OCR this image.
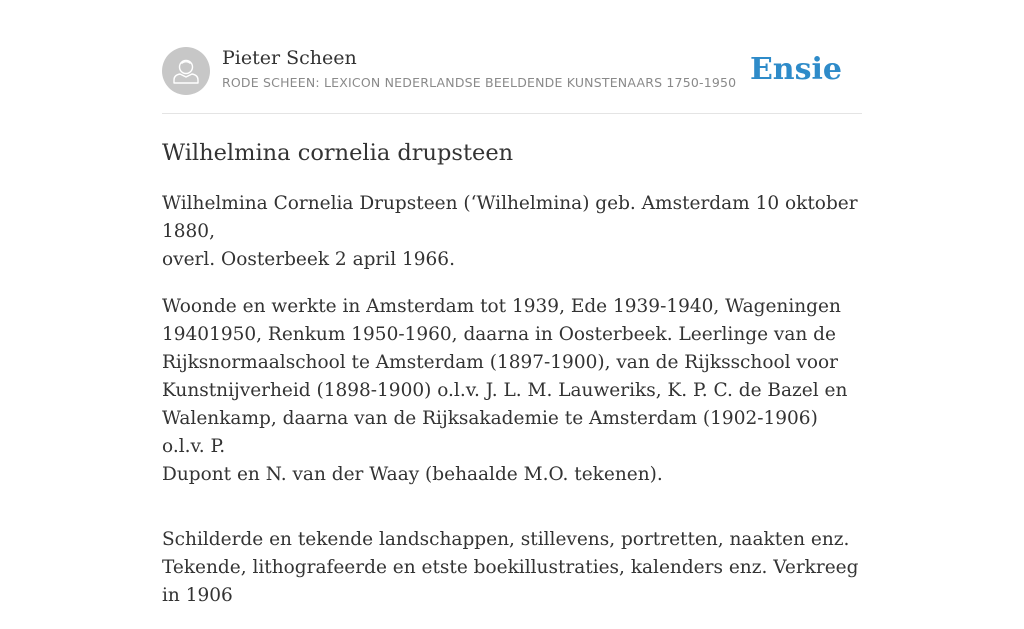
Pieter Scheen
RODE SCHEEN: LEXICON NEDERLANDSE BEELDENDE KUNSTENAARS 1750-1950 Ensie
Wilhelmina cornelia drupsteen

Wilhelmina Cornelia Drupsteen (‘Wilhelmina) geb. Amsterdam 10 oktober 1880,
overl. Oosterbeek 2 april 1966.

Woonde en werkte in Amsterdam tot 1939, Ede 1939-1940, Wageningen
19401950, Renkum 1950-1960, daarna in Oosterbeek. Leerlinge van de
Rijksnormaalschool te Amsterdam (1897-1900), van de Rijksschool voor
Kunstnijverheid (1898-1900) o.l.v. J. L. M. Lauweriks, K. P. C. de Bazel en
Walenkamp, daarna van de Rijksakademie te Amsterdam (1902-1906) o.l.v. P.
Dupont en N. van der Waay (behaalde M.O. tekenen).

Schilderde en tekende landschappen, stillevens, portretten, naakten enz.
Tekende, lithografeerde en etste boekillustraties, kalenders enz. Verkreeg in 1906
